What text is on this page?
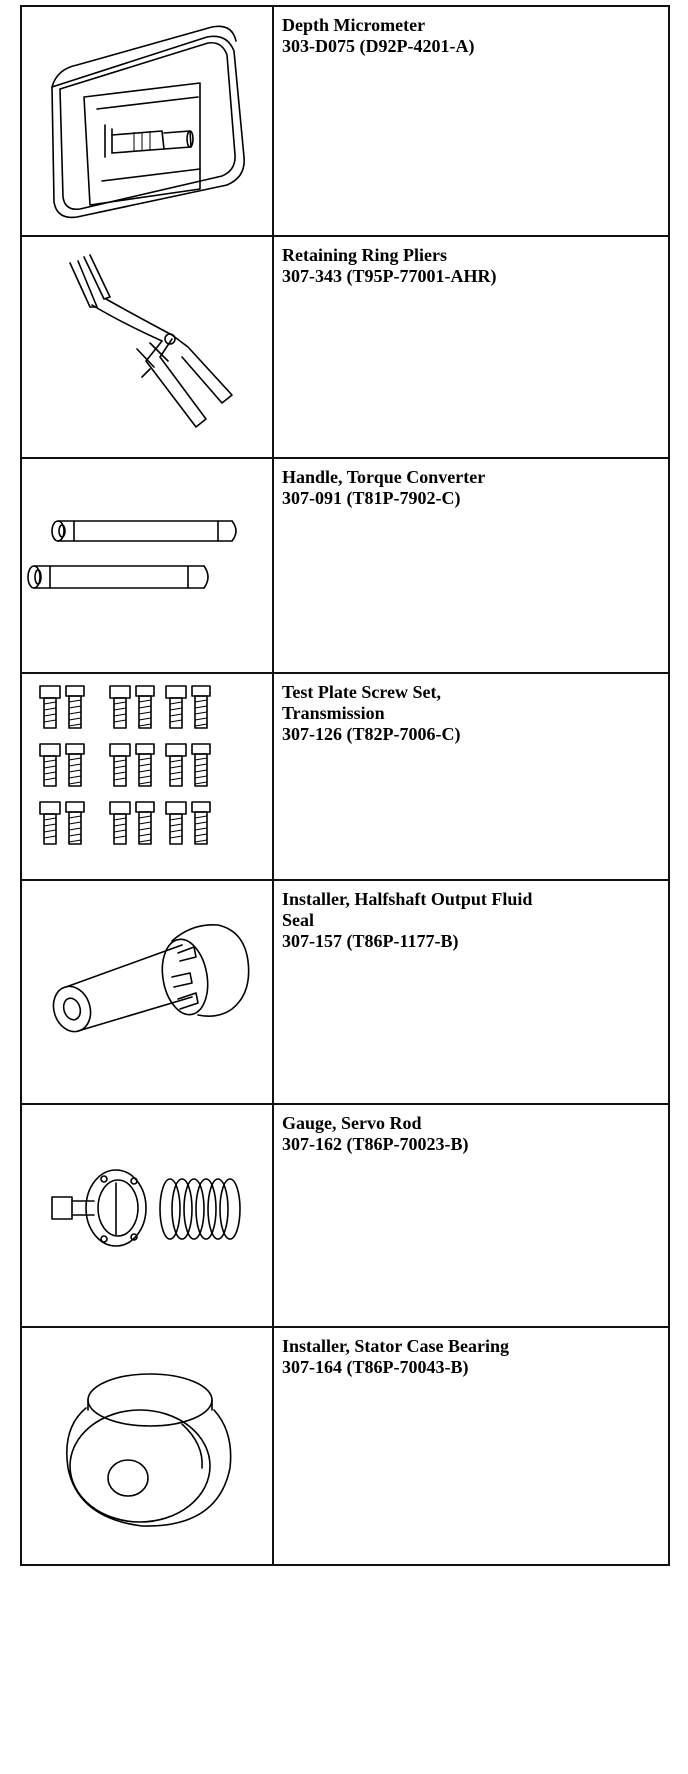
Depth Micrometer
303-D075 (D92P-4201-A)

Retaining Ring Pliers
307-343 (T95P-77001-AHR)

Handle, Torque Converter
307-091 (T81P-7902-C)

Test Plate Screw Set,
Transmission
307-126 (T82P-7006-C)

Installer, Halfshaft Output Fluid
Seal
307-157 (T86P-1177-B)

Gauge, Servo Rod
307-162 (T86P-70023-B)

Installer, Stator Case Bearing
307-164 (T86P-70043-B)
